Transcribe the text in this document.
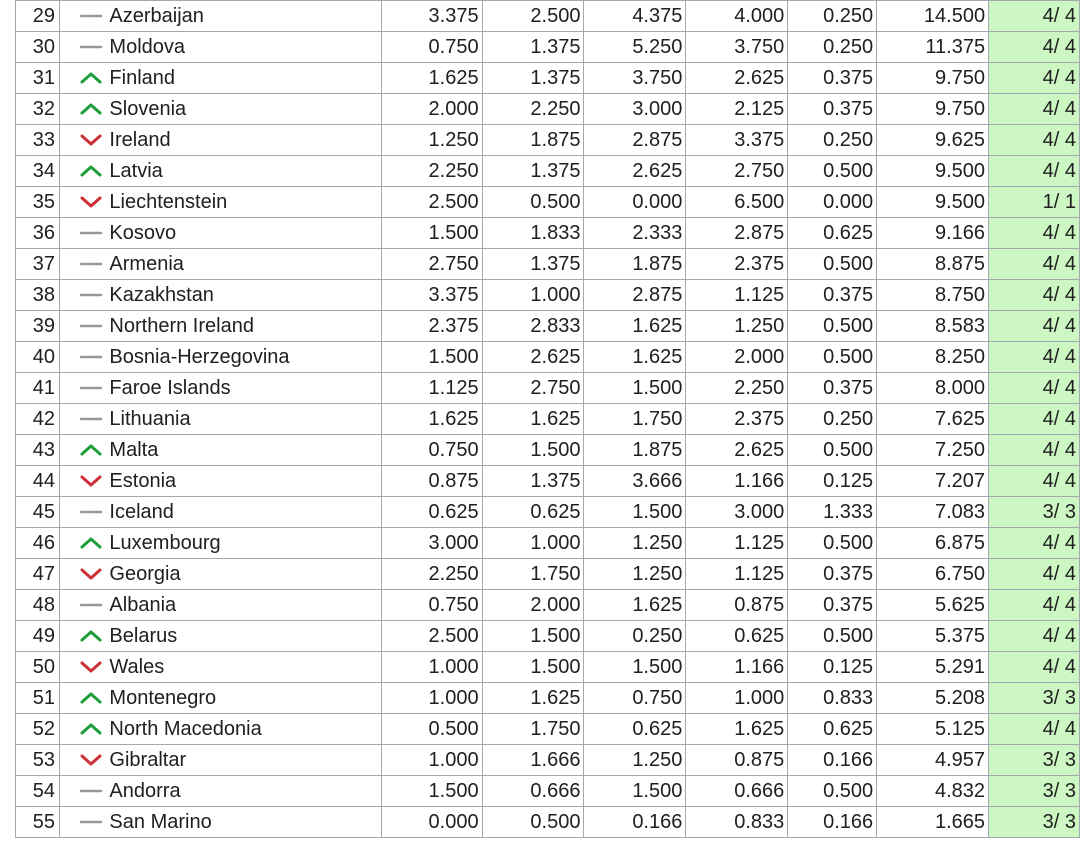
29		Azerbaijan	3.375	2.500	4.375	4.000	0.250	14.500	4/ 4
30		Moldova	0.750	1.375	5.250	3.750	0.250	11.375	4/ 4
31		Finland	1.625	1.375	3.750	2.625	0.375	9.750	4/ 4
32		Slovenia	2.000	2.250	3.000	2.125	0.375	9.750	4/ 4
33		Ireland	1.250	1.875	2.875	3.375	0.250	9.625	4/ 4
34		Latvia	2.250	1.375	2.625	2.750	0.500	9.500	4/ 4
35		Liechtenstein	2.500	0.500	0.000	6.500	0.000	9.500	1/ 1
36		Kosovo	1.500	1.833	2.333	2.875	0.625	9.166	4/ 4
37		Armenia	2.750	1.375	1.875	2.375	0.500	8.875	4/ 4
38		Kazakhstan	3.375	1.000	2.875	1.125	0.375	8.750	4/ 4
39		Northern Ireland	2.375	2.833	1.625	1.250	0.500	8.583	4/ 4
40		Bosnia-Herzegovina	1.500	2.625	1.625	2.000	0.500	8.250	4/ 4
41		Faroe Islands	1.125	2.750	1.500	2.250	0.375	8.000	4/ 4
42		Lithuania	1.625	1.625	1.750	2.375	0.250	7.625	4/ 4
43		Malta	0.750	1.500	1.875	2.625	0.500	7.250	4/ 4
44		Estonia	0.875	1.375	3.666	1.166	0.125	7.207	4/ 4
45		Iceland	0.625	0.625	1.500	3.000	1.333	7.083	3/ 3
46		Luxembourg	3.000	1.000	1.250	1.125	0.500	6.875	4/ 4
47		Georgia	2.250	1.750	1.250	1.125	0.375	6.750	4/ 4
48		Albania	0.750	2.000	1.625	0.875	0.375	5.625	4/ 4
49		Belarus	2.500	1.500	0.250	0.625	0.500	5.375	4/ 4
50		Wales	1.000	1.500	1.500	1.166	0.125	5.291	4/ 4
51		Montenegro	1.000	1.625	0.750	1.000	0.833	5.208	3/ 3
52		North Macedonia	0.500	1.750	0.625	1.625	0.625	5.125	4/ 4
53		Gibraltar	1.000	1.666	1.250	0.875	0.166	4.957	3/ 3
54		Andorra	1.500	0.666	1.500	0.666	0.500	4.832	3/ 3
55		San Marino	0.000	0.500	0.166	0.833	0.166	1.665	3/ 3
